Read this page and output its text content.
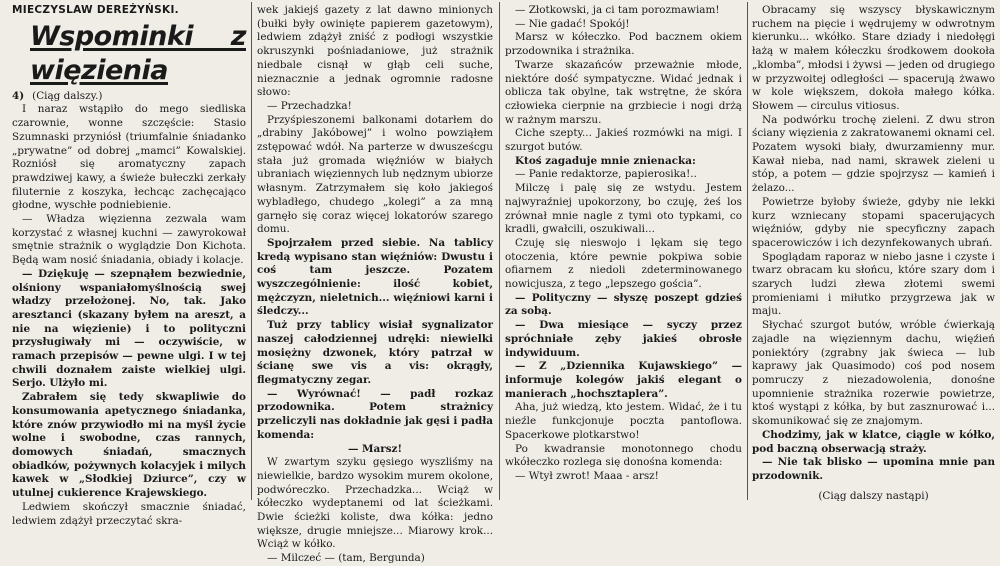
MIECZYSLAW DEREŻYŃSKI.
Wspominki z więzienia
4) (Ciąg dalszy.)

I naraz wstąpiło do mego siedliska czarownie, wonne szczęście: Stasio Szumnaski przyniósł (triumfalnie śniadanko „prywatne” od dobrej „mamci” Kowalskiej. Rozniósł się aromatyczny zapach prawdziwej kawy, a świeże bułeczki zerkały filuternie z koszyka, łechcąc zachęcająco głodne, wyschłe podniebienie.

— Władza więzienna zezwala wam korzystać z własnej kuchni — zawyrokował smętnie strażnik o wyglądzie Don Kichota. Będą wam nosić śniadania, obiady i kolacje.

— Dziękuję — szepnąłem bezwiednie, olśniony wspaniałomyślnością swej władzy przełożonej. No, tak. Jako aresztanci (skazany byłem na areszt, a nie na więzienie) i to polityczni przysługiwały mi — oczywiście, w ramach przepisów — pewne ulgi. I w tej chwili doznałem zaiste wielkiej ulgi. Serjo. Ulżyło mi.

Zabrałem się tedy skwapliwie do konsumowania apetycznego śniadanka, które znów przywiodło mi na myśl życie wolne i swobodne, czas rannych, domowych śniadań, smacznych obiadków, pożywnych kolacyjek i milych kawek w „Słodkiej Dziurce”, czy w utulnej cukierence Krajewskiego.

Ledwiem skończył smacznie śniadać, ledwiem zdążył przeczytać skra-

wek jakiejś gazety z lat dawno minionych (bułki były owinięte papierem gazetowym), ledwiem zdążył zniść z podłogi wszystkie okruszynki pośniadaniowe, już strażnik niedbale cisnął w głąb celi suche, nieznacznie a jednak ogromnie radosne słowo:

— Przechadzka!

Przyśpieszonemi balkonami dotarłem do „drabiny Jakóbowej” i wolno powziąłem zstępować wdół. Na parterze w dwusześcgu stała już gromada więźniów w białych ubraniach więziennych lub nędznym ubiorze własnym. Zatrzymałem się koło jakiegoś wybladłego, chudego „kolegi” a za mną garnęło się coraz więcej lokatorów szarego domu.

Spojrzałem przed siebie. Na tablicy kredą wypisano stan więźniów: Dwustu i coś tam jeszcze. Pozatem wyszczególnienie: ilość kobiet, mężczyzn, nieletnich... więźniowi karni i śledczy...

Tuż przy tablicy wisiał sygnalizator naszej całodziennej udręki: niewielki mosiężny dzwonek, który patrzał w ścianę swe vis a vis: okrągły, flegmatyczny zegar.

— Wyrównać! — padł rozkaz przodownika. Potem strażnicy przeliczyli nas dokładnie jak gęsi i padła komenda:

— Marsz!

W zwartym szyku gęsiego wyszliśmy na niewielkie, bardzo wysokim murem okolone, podwóreczko. Przechadzka... Wciąż w kółeczko wydeptanemi od lat ścieżkami. Dwie ścieżki koliste, dwa kółka: jedno większe, drugie mniejsze... Miarowy krok... Wciąż w kółko.

— Milczeć — (tam, Bergunda)

— Złotkowski, ja ci tam porozmawiam!

— Nie gadać! Spokój!

Marsz w kółeczko. Pod bacznem okiem przodownika i strażnika.

Twarze skazańców przeważnie młode, niektóre dość sympatyczne. Widać jednak i oblicza tak obylne, tak wstrętne, że skóra człowieka cierpnie na grzbiecie i nogi drżą w rażnym marszu.

Ciche szepty... Jakieś rozmówki na migi. I szurgot butów.

Ktoś zagaduje mnie znienacka:

— Panie redaktorze, papierosika!..

Milczę i palę się ze wstydu. Jestem najwyraźniej upokorzony, bo czuję, żeś los zrównał mnie nagle z tymi oto typkami, co kradli, gwałcili, oszukiwali...

Czuję się nieswojo i lękam się tego otoczenia, które pewnie pokpiwa sobie ofiarnem z niedoli zdeterminowanego nowicjusza, z tego „lepszego gościa”.

— Polityczny — słyszę poszept gdzieś za sobą.

— Dwa miesiące — syczy przez spróchniałe zęby jakieś obrosłe indywiduum.

— Z „Dziennika Kujawskiego” — informuje kolegów jakiś elegant o manierach „hochsztaplera”.

Aha, już wiedzą, kto jestem. Widać, że i tu nieźle funkcjonuje poczta pantoflowa. Spacerkowe plotkarstwo!

Po kwadransie monotonnego chodu wkółeczko rozlega się donośna komenda:

— Wtył zwrot! Maaa - arsz!

Obracamy się wszyscy błyskawicznym ruchem na pięcie i wędrujemy w odwrotnym kierunku... wkółko. Stare dziady i niedołęgi łażą w małem kółeczku środkowem dookoła „klomba”, młodsi i żywsi — jeden od drugiego w przyzwoitej odległości — spacerują żwawo w kole większem, dokoła małego kółka. Słowem — circulus vitiosus.

Na podwórku trochę zieleni. Z dwu stron ściany więzienia z zakratowanemi oknami cel. Pozatem wysoki biały, dwurzamienny mur. Kawał nieba, nad nami, skrawek zieleni u stóp, a potem — gdzie spojrzysz — kamień i żelazo...

Powietrze byłoby świeże, gdyby nie lekki kurz wzniecany stopami spacerujących więźniów, gdyby nie specyficzny zapach spacerowiczów i ich dezynfekowanych ubrań.

Spoglądam raporaz w niebo jasne i czyste i twarz obracam ku słońcu, które szary dom i szarych ludzi złewa złotemi swemi promieniami i miłutko przygrzewa jak w maju.

Słychać szurgot butów, wróble ćwierkają zajadle na więziennym dachu, więźień poniektóry (zgrabny jak świeca — lub kaprawy jak Quasimodo) coś pod nosem pomruczy z niezadowolenia, donośne upomnienie strażnika rozerwie powietrze, ktoś wystąpi z kółka, by but zasznurować i... skomunikować się ze znajomym.

Chodzimy, jak w klatce, ciągle w kółko, pod baczną obserwacją straży.

— Nie tak blisko — upomina mnie pan przodownik.

(Ciąg dalszy nastąpi)
